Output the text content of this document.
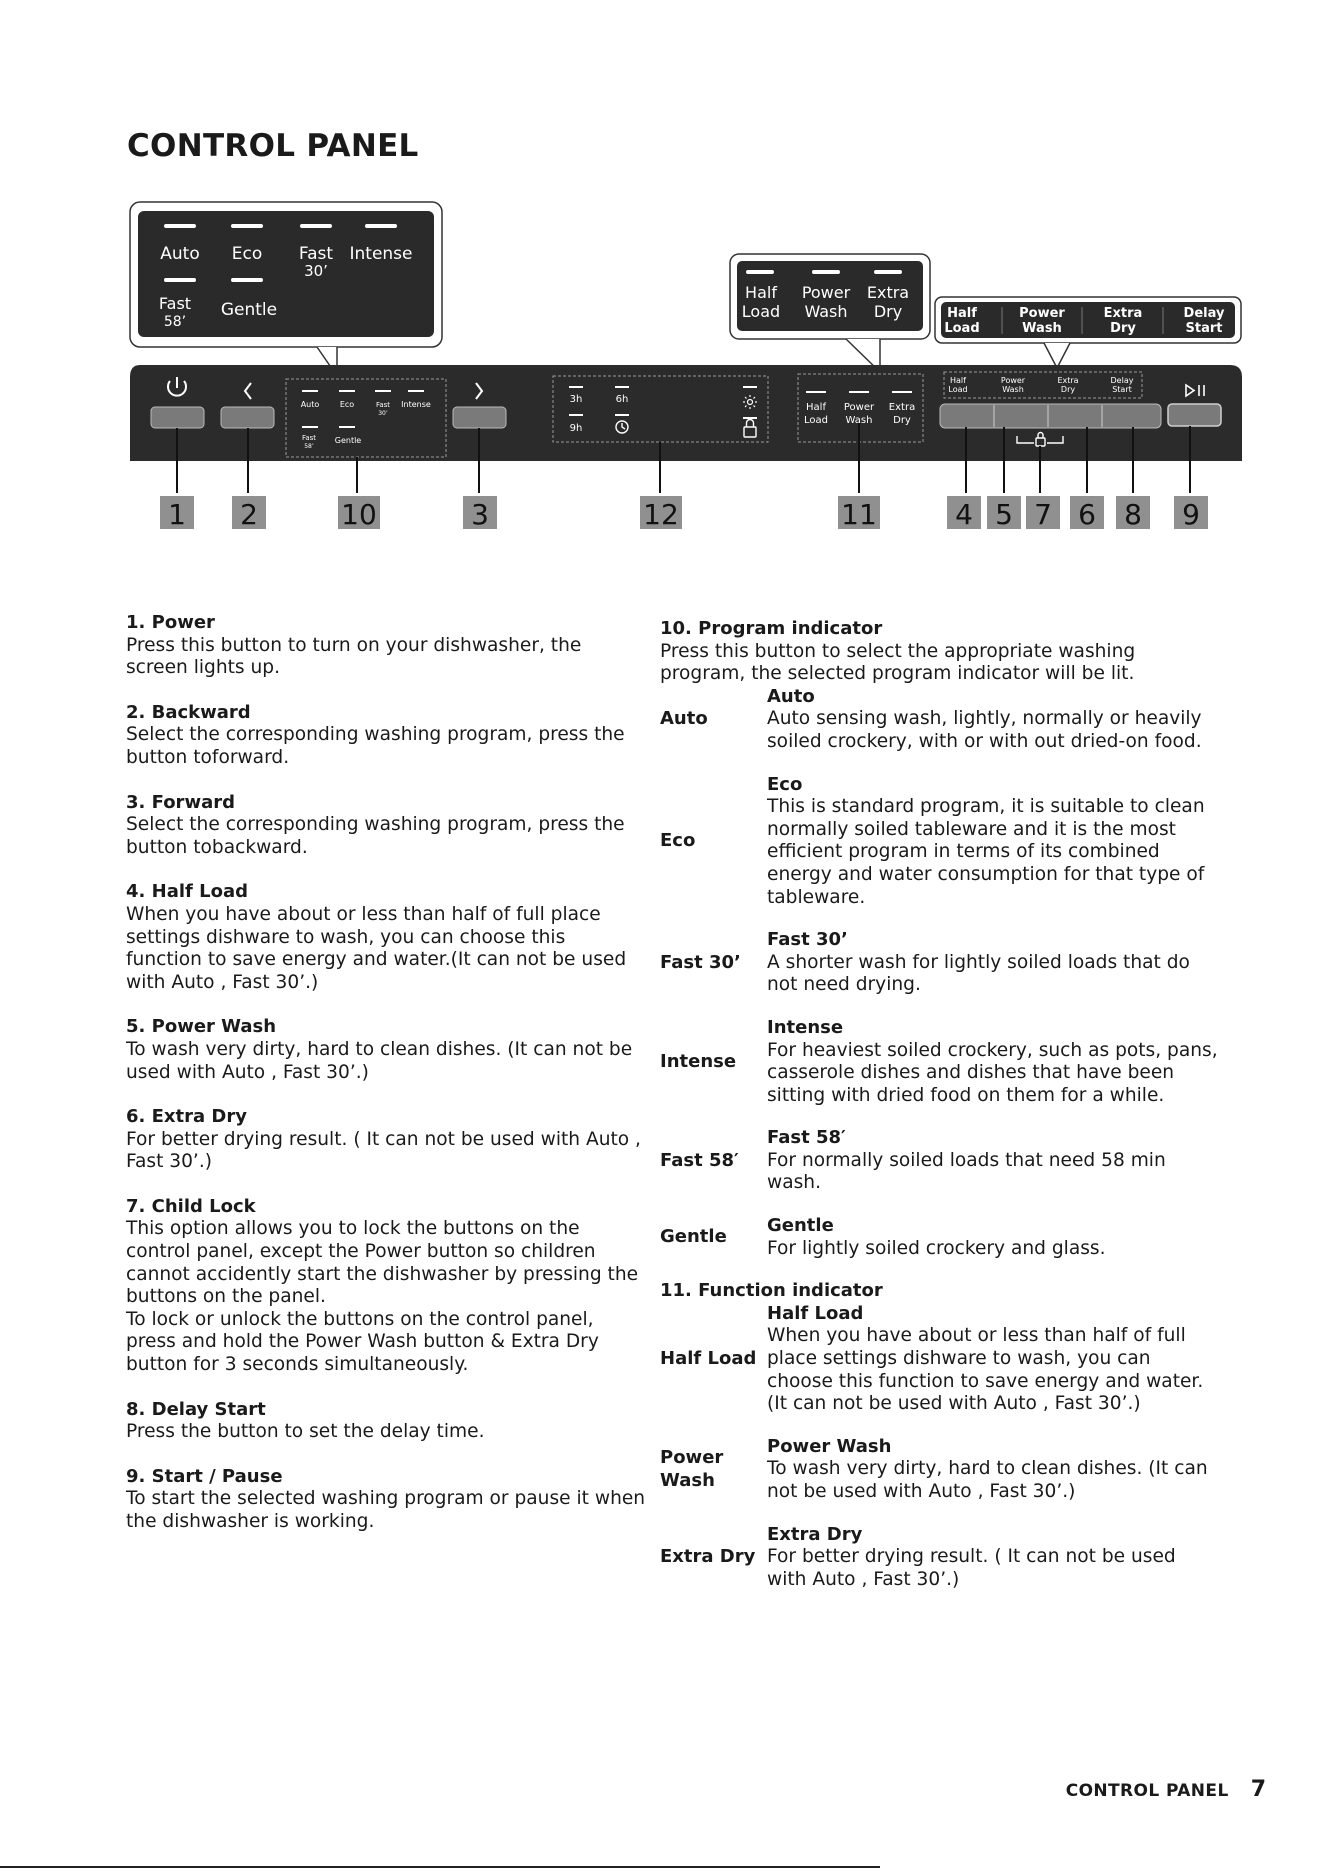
CONTROL PANEL
Auto Eco Fast
30’
Intense
Fast
58’
Gentle
Half
Load
Power
Wash
Extra
Dry	Half
Load
Power
Wash
Extra
Dry
Delay
Start
Auto	Eco	Fast
30’
Intense
Fast
58’
Gentle
3h	6h
9h
Half
Load
Power
Wash
Extra
Dry
Half
Load
Power
Wash
Extra
Dry
Delay
Start
1 2	10	3	12	11	4 5 7 6 8 9
1. Power

Press this button to turn on your dishwasher, the screen lights up.

2. Backward

Select the corresponding washing program, press the button toforward.

3. Forward

Select the corresponding washing program, press the button tobackward.

4. Half Load

When you have about or less than half of full place settings dishware to wash, you can choose this function to save energy and water.(It can not be used with Auto , Fast 30’.)

5. Power Wash

To wash very dirty, hard to clean dishes. (It can not be used with Auto , Fast 30’.)

6. Extra Dry

For better drying result. ( It can not be used with Auto , Fast 30’.)

7. Child Lock

This option allows you to lock the buttons on the control panel, except the Power button so children cannot accidently start the dishwasher by pressing the buttons on the panel.

To lock or unlock the buttons on the control panel, press and hold the Power Wash button & Extra Dry button for 3 seconds simultaneously.

8. Delay Start

Press the button to set the delay time.

9. Start / Pause

To start the selected washing program or pause it when the dishwasher is working.

10. Program indicator

Press this button to select the appropriate washing program, the selected program indicator will be lit.

Auto
Auto

Auto sensing wash, lightly, normally or heavily soiled crockery, with or with out dried-on food.

Eco
Eco

This is standard program, it is suitable to clean normally soiled tableware and it is the most efficient program in terms of its combined energy and water consumption for that type of tableware.

Fast 30’
Fast 30’

A shorter wash for lightly soiled loads that do not need drying.

Intense
Intense

For heaviest soiled crockery, such as pots, pans, casserole dishes and dishes that have been sitting with dried food on them for a while.

Fast 58′
Fast 58′

For normally soiled loads that need 58 min wash.

Gentle
Gentle

For lightly soiled crockery and glass.

11. Function indicator
Half Load
Half Load

When you have about or less than half of full place settings dishware to wash, you can choose this function to save energy and water.(It can not be used with Auto , Fast 30’.)

Power Wash
Power Wash

To wash very dirty, hard to clean dishes. (It can not be used with Auto , Fast 30’.)

Extra Dry
Extra Dry

For better drying result. ( It can not be used with Auto , Fast 30’.)

CONTROL PANEL 7
